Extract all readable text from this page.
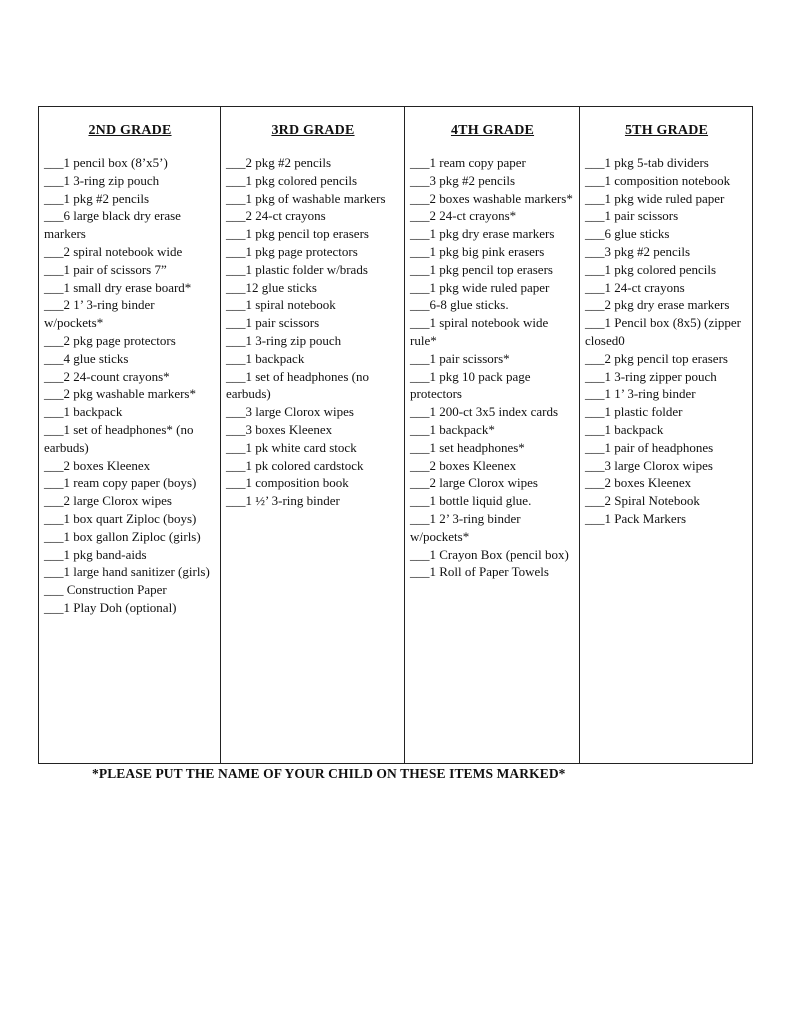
2ND GRADE
___1 pencil box (8’x5’)
___1 3-ring zip pouch
___1 pkg #2 pencils
___6 large black dry erase markers
___2 spiral notebook wide
___1 pair of scissors 7”
___1 small dry erase board*
___2 1’ 3-ring binder w/pockets*
___2 pkg page protectors
___4 glue sticks
___2 24-count crayons*
___2 pkg washable markers*
___1 backpack
___1 set of headphones* (no earbuds)
___2 boxes Kleenex
___1 ream copy paper (boys)
___2 large Clorox wipes
___1 box quart Ziploc (boys)
___1 box gallon Ziploc (girls)
___1 pkg band-aids
___1 large hand sanitizer (girls)
___ Construction Paper
___1 Play Doh (optional)
3RD GRADE
___2 pkg #2 pencils
___1 pkg colored pencils
___1 pkg of washable markers
___2 24-ct crayons
___1 pkg pencil top erasers
___1 pkg page protectors
___1 plastic folder w/brads
___12 glue sticks
___1 spiral notebook
___1 pair scissors
___1 3-ring zip pouch
___1 backpack
___1 set of headphones (no earbuds)
___3 large Clorox wipes
___3 boxes Kleenex
___1 pk white card stock
___1 pk colored cardstock
___1 composition book
___1 ½’ 3-ring binder
4TH GRADE
___1 ream copy paper
___3 pkg #2 pencils
___2 boxes washable markers*
___2 24-ct crayons*
___1 pkg dry erase markers
___1 pkg big pink erasers
___1 pkg pencil top erasers
___1 pkg wide ruled paper
___6-8 glue sticks.
___1 spiral notebook wide rule*
___1 pair scissors*
___1 pkg 10 pack page protectors
___1 200-ct 3x5 index cards
___1 backpack*
___1 set headphones*
___2 boxes Kleenex
___2 large Clorox wipes
___1 bottle liquid glue.
___1 2’ 3-ring binder w/pockets*
___1 Crayon Box (pencil box)
___1 Roll of Paper Towels
5TH GRADE
___1 pkg 5-tab dividers
___1 composition notebook
___1 pkg wide ruled paper
___1 pair scissors
___6 glue sticks
___3 pkg #2 pencils
___1 pkg colored pencils
___1 24-ct crayons
___2 pkg dry erase markers
___1 Pencil box (8x5) (zipper closed0
___2 pkg pencil top erasers
___1 3-ring zipper pouch
___1 1’ 3-ring binder
___1 plastic folder
___1 backpack
___1 pair of headphones
___3 large Clorox wipes
___2 boxes Kleenex
___2 Spiral Notebook
___1 Pack Markers
*PLEASE PUT THE NAME OF YOUR CHILD ON THESE ITEMS MARKED*
